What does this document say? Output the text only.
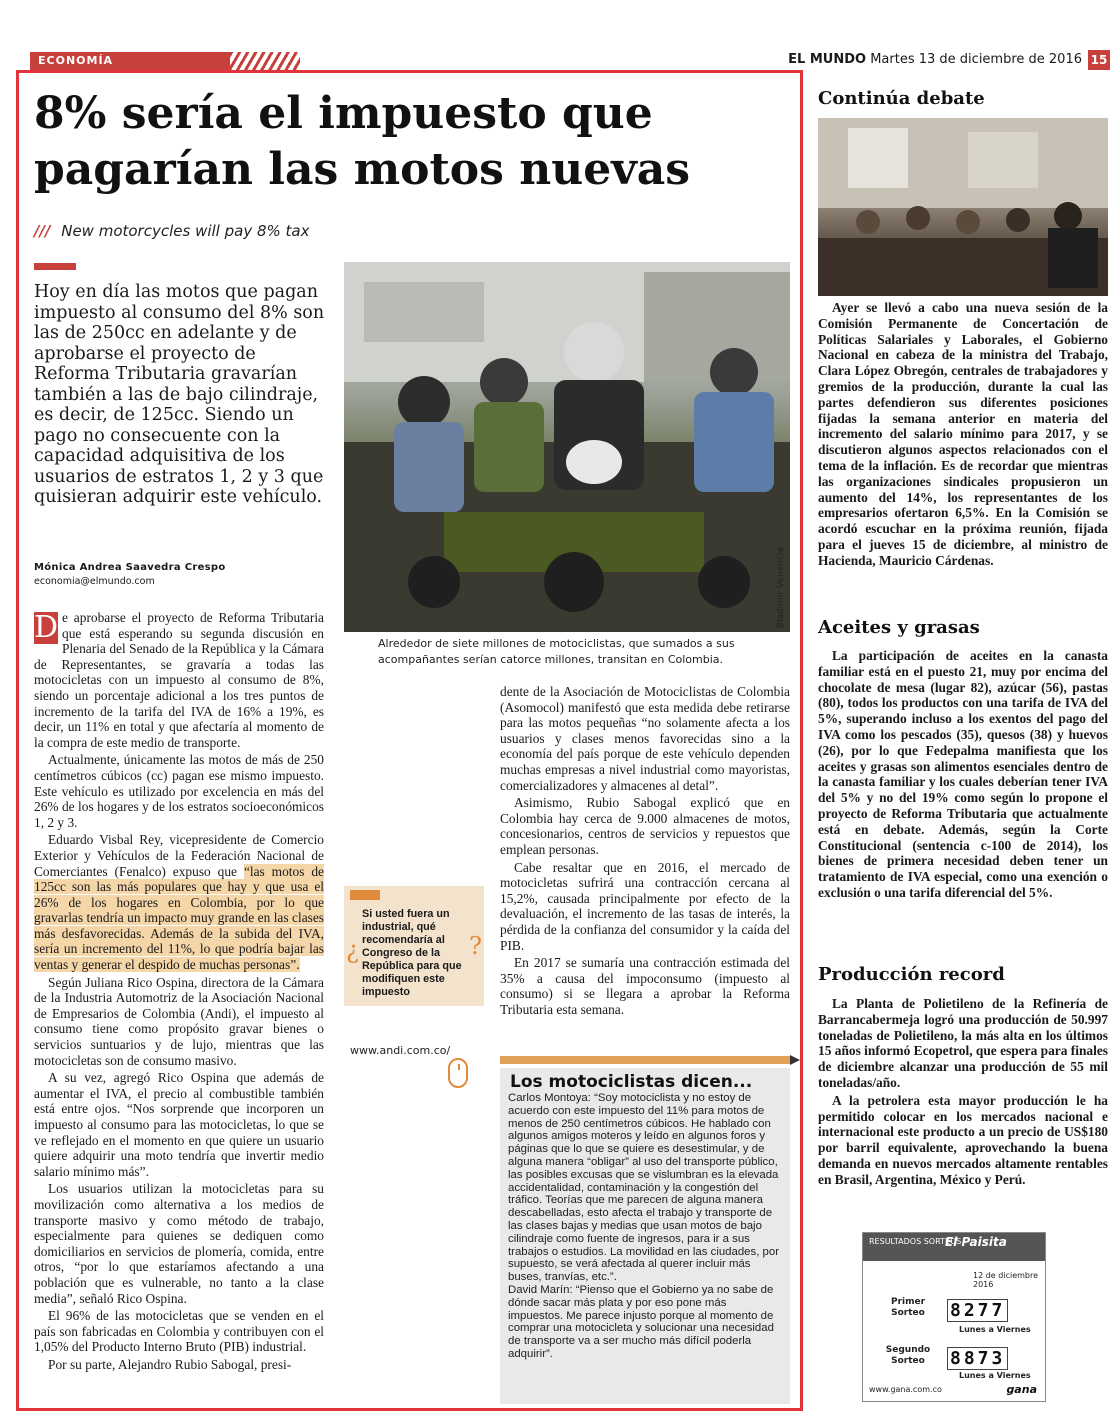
ECONOMÍA	EL MUNDO Martes 13 de diciembre de 2016 15
8% sería el impuesto que pagarían las motos nuevas
/// New motorcycles will pay 8% tax
Hoy en día las motos que pagan impuesto al consumo del 8% son las de 250cc en adelante y de aprobarse el proyecto de Reforma Tributaria gravarían también a las de bajo cilindraje, es decir, de 125cc. Siendo un pago no consecuente con la capacidad adquisitiva de los usuarios de estratos 1, 2 y 3 que quisieran adquirir este vehículo.
Mónica Andrea Saavedra Crespo
economia@elmundo.com	Bladimir Venencia
Alrededor de siete millones de motociclistas, que sumados a sus acompañantes serían catorce millones, transitan en Colombia.

D e aprobarse el proyecto de Reforma Tributaria que está esperando su segunda discusión en Plenaria del Senado de la República y la Cámara de Representantes, se gravaría a todas las motocicletas con un impuesto al consumo de 8%, siendo un porcentaje adicional a los tres puntos de incremento de la tarifa del IVA de 16% a 19%, es decir, un 11% en total y que afectaría al momento de la compra de este medio de transporte.

Actualmente, únicamente las motos de más de 250 centímetros cúbicos (cc) pagan ese mismo impuesto. Este vehículo es utilizado por excelencia en más del 26% de los hogares y de los estratos socioeconómicos 1, 2 y 3.

Eduardo Visbal Rey, vicepresidente de Comercio Exterior y Vehículos de la Federación Nacional de Comerciantes (Fenalco) expuso que “las motos de 125cc son las más populares que hay y que usa el 26% de los hogares en Colombia, por lo que gravarlas tendría un impacto muy grande en las clases más desfavorecidas. Además de la subida del IVA, sería un incremento del 11%, lo que podría bajar las ventas y generar el despido de muchas personas”.

Según Juliana Rico Ospina, directora de la Cámara de la Industria Automotriz de la Asociación Nacional de Empresarios de Colombia (Andi), el impuesto al consumo tiene como propósito gravar bienes o servicios suntuarios y de lujo, mientras que las motocicletas son de consumo masivo.

A su vez, agregó Rico Ospina que además de aumentar el IVA, el precio al combustible también está entre ojos. “Nos sorprende que incorporen un impuesto al consumo para las motocicletas, lo que se ve reflejado en el momento en que quiere un usuario quiere adquirir una moto tendría que invertir medio salario mínimo más”.

Los usuarios utilizan la motocicletas para su movilización como alternativa a los medios de transporte masivo y como método de trabajo, especialmente para quienes se dediquen como domiciliarios en servicios de plomería, comida, entre otros, “por lo que estaríamos afectando a una población que es vulnerable, no tanto a la clase media”, señaló Rico Ospina.

El 96% de las motocicletas que se venden en el país son fabricadas en Colombia y contribuyen con el 1,05% del Producto Interno Bruto (PIB) industrial.

Por su parte, Alejandro Rubio Sabogal, presi-

¿	?
Si usted fuera un industrial, qué recomendaría al Congreso de la República para que modifiquen este impuesto
www.andi.com.co/

dente de la Asociación de Motociclistas de Colombia (Asomocol) manifestó que esta medida debe retirarse para las motos pequeñas “no solamente afecta a los usuarios y clases menos favorecidas sino a la economía del país porque de este vehículo dependen muchas empresas a nivel industrial como mayoristas, comercializadores y almacenes al detal”.

Asimismo, Rubio Sabogal explicó que en Colombia hay cerca de 9.000 almacenes de motos, concesionarios, centros de servicios y repuestos que emplean personas.

Cabe resaltar que en 2016, el mercado de motocicletas sufrirá una contracción cercana al 15,2%, causada principalmente por efecto de la devaluación, el incremento de las tasas de interés, la pérdida de la confianza del consumidor y la caída del PIB.

En 2017 se sumaría una contracción estimada del 35% a causa del impoconsumo (impuesto al consumo) si se llegara a aprobar la Reforma Tributaria esta semana.

Los motociclistas dicen...

Carlos Montoya: “Soy motociclista y no estoy de acuerdo con este impuesto del 11% para motos de menos de 250 centímetros cúbicos. He hablado con algunos amigos moteros y leído en algunos foros y páginas que lo que se quiere es desestimular, y de alguna manera “obligar” al uso del transporte público, las posibles excusas que se vislumbran es la elevada accidentalidad, contaminación y la congestión del tráfico. Teorías que me parecen de alguna manera descabelladas, esto afecta el trabajo y transporte de las clases bajas y medias que usan motos de bajo cilindraje como fuente de ingresos, para ir a sus trabajos o estudios. La movilidad en las ciudades, por supuesto, se verá afectada al querer incluir más buses, tranvías, etc.”.

David Marín: “Pienso que el Gobierno ya no sabe de dónde sacar más plata y por eso pone más impuestos. Me parece injusto porque al momento de comprar una motocicleta y solucionar una necesidad de transporte va a ser mucho más difícil poderla adquirir”.

Continúa debate

Ayer se llevó a cabo una nueva sesión de la Comisión Permanente de Concertación de Políticas Salariales y Laborales, el Gobierno Nacional en cabeza de la ministra del Trabajo, Clara López Obregón, centrales de trabajadores y gremios de la producción, durante la cual las partes defendieron sus diferentes posiciones fijadas la semana anterior en materia del incremento del salario mínimo para 2017, y se discutieron algunos aspectos relacionados con el tema de la inflación. Es de recordar que mientras las organizaciones sindicales propusieron un aumento del 14%, los representantes de los empresarios ofertaron 6,5%. En la Comisión se acordó escuchar en la próxima reunión, fijada para el jueves 15 de diciembre, al ministro de Hacienda, Mauricio Cárdenas.

Aceites y grasas

La participación de aceites en la canasta familiar está en el puesto 21, muy por encima del chocolate de mesa (lugar 82), azúcar (56), pastas (80), todos los productos con una tarifa de IVA del 5%, superando incluso a los exentos del pago del IVA como los pescados (35), quesos (38) y huevos (26), por lo que Fedepalma manifiesta que los aceites y grasas son alimentos esenciales dentro de la canasta familiar y los cuales deberían tener IVA del 5% y no del 19% como según lo propone el proyecto de Reforma Tributaria que actualmente está en debate. Además, según la Corte Constitucional (sentencia c-100 de 2014), los bienes de primera necesidad deben tener un tratamiento de IVA especial, como una exención o exclusión o una tarifa diferencial del 5%.

Producción record

La Planta de Polietileno de la Refinería de Barrancabermeja logró una producción de 50.997 toneladas de Polietileno, la más alta en los últimos 15 años informó Ecopetrol, que espera para finales de diciembre alcanzar una producción de 55 mil toneladas/año.

A la petrolera esta mayor producción le ha permitido colocar en los mercados nacional e internacional este producto a un precio de US$180 por barril equivalente, aprovechando la buena demanda en nuevos mercados altamente rentables en Brasil, Argentina, México y Perú.

RESULTADOS SORTEOS
El Paisita
12 de diciembre 2016
Primer Sorteo	8277
Lunes a Viernes
Segundo Sorteo	8873
Lunes a Viernes
www.gana.com.co	gana
